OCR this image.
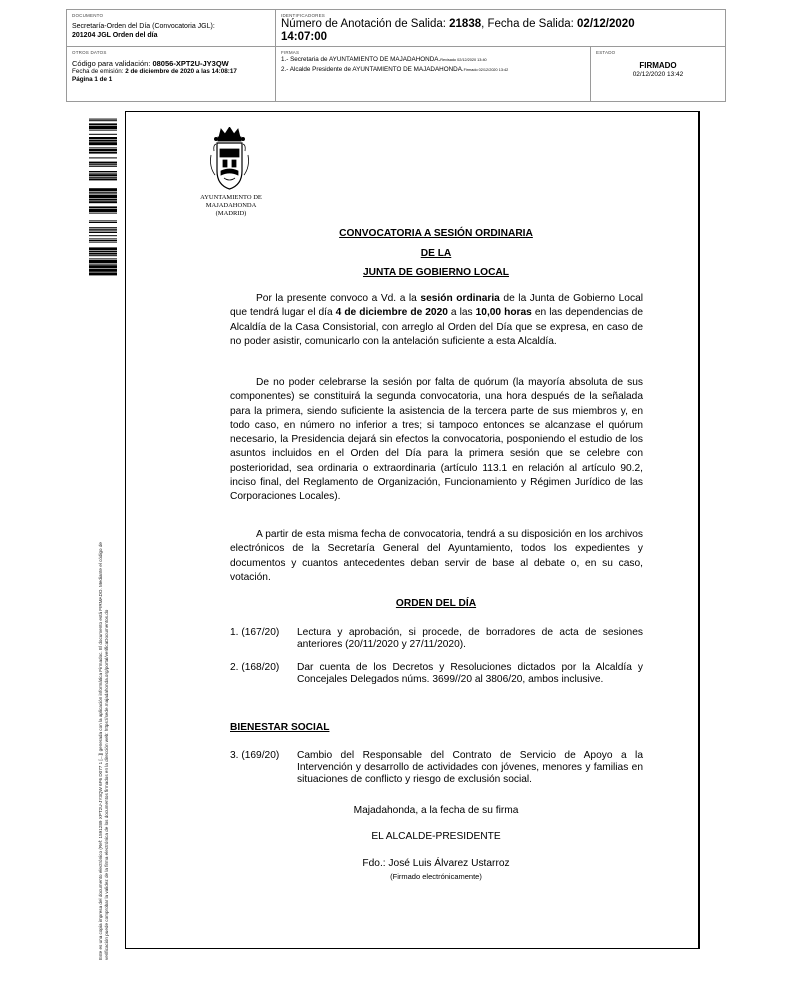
DOCUMENTO
Secretaría-Orden del Día (Convocatoria JGL):
201204 JGL Orden del día
IDENTIFICADORES
Número de Anotación de Salida: 21838, Fecha de Salida: 02/12/2020
14:07:00
OTROS DATOS
Código para validación: 08056-XPT2U-JY3QW
Fecha de emisión: 2 de diciembre de 2020 a las 14:08:17
Página 1 de 1
FIRMAS
1.- Secretaria de AYUNTAMIENTO DE MAJADAHONDA.Revisado 02/12/2020 13:40
2.- Alcalde Presidente de AYUNTAMIENTO DE MAJADAHONDA.Firmado 02/12/2020 13:42
ESTADO
FIRMADO
02/12/2020 13:42
Este es una copia impresa del documento electrónico (Ref: 1591289 XPT2U-JY3QW 6F6 D077 1 [...]) generada con la aplicación informática Firmadoc. El documento está FIRMADO. Mediante el código de verificación puede comprobar la validez de la firma electrónica de los documentos firmados en la dirección web: https://sede.majadahonda.org/portal/verificaDocumentos.do
AYUNTAMIENTO DE
MAJADAHONDA
(MADRID)
CONVOCATORIA A SESIÓN ORDINARIA
DE LA
JUNTA DE GOBIERNO LOCAL
Por la presente convoco a Vd. a la sesión ordinaria de la Junta de Gobierno Local que tendrá lugar el día 4 de diciembre de 2020 a las 10,00 horas en las dependencias de Alcaldía de la Casa Consistorial, con arreglo al Orden del Día que se expresa, en caso de no poder asistir, comunicarlo con la antelación suficiente a esta Alcaldía.
De no poder celebrarse la sesión por falta de quórum (la mayoría absoluta de sus componentes) se constituirá la segunda convocatoria, una hora después de la señalada para la primera, siendo suficiente la asistencia de la tercera parte de sus miembros y, en todo caso, en número no inferior a tres; si tampoco entonces se alcanzase el quórum necesario, la Presidencia dejará sin efectos la convocatoria, posponiendo el estudio de los asuntos incluidos en el Orden del Día para la primera sesión que se celebre con posterioridad, sea ordinaria o extraordinaria (artículo 113.1 en relación al artículo 90.2, inciso final, del Reglamento de Organización, Funcionamiento y Régimen Jurídico de las Corporaciones Locales).
A partir de esta misma fecha de convocatoria, tendrá a su disposición en los archivos electrónicos de la Secretaría General del Ayuntamiento, todos los expedientes y documentos y cuantos antecedentes deban servir de base al debate o, en su caso, votación.
ORDEN DEL DÍA
1. (167/20)	Lectura y aprobación, si procede, de borradores de acta de sesiones anteriores (20/11/2020 y 27/11/2020).
2. (168/20)	Dar cuenta de los Decretos y Resoluciones dictados por la Alcaldía y Concejales Delegados núms. 3699//20 al 3806/20, ambos inclusive.
BIENESTAR SOCIAL
3. (169/20)	Cambio del Responsable del Contrato de Servicio de Apoyo a la Intervención y desarrollo de actividades con jóvenes, menores y familias en situaciones de conflicto y riesgo de exclusión social.
Majadahonda, a la fecha de su firma
EL ALCALDE-PRESIDENTE
Fdo.: José Luis Álvarez Ustarroz
(Firmado electrónicamente)
